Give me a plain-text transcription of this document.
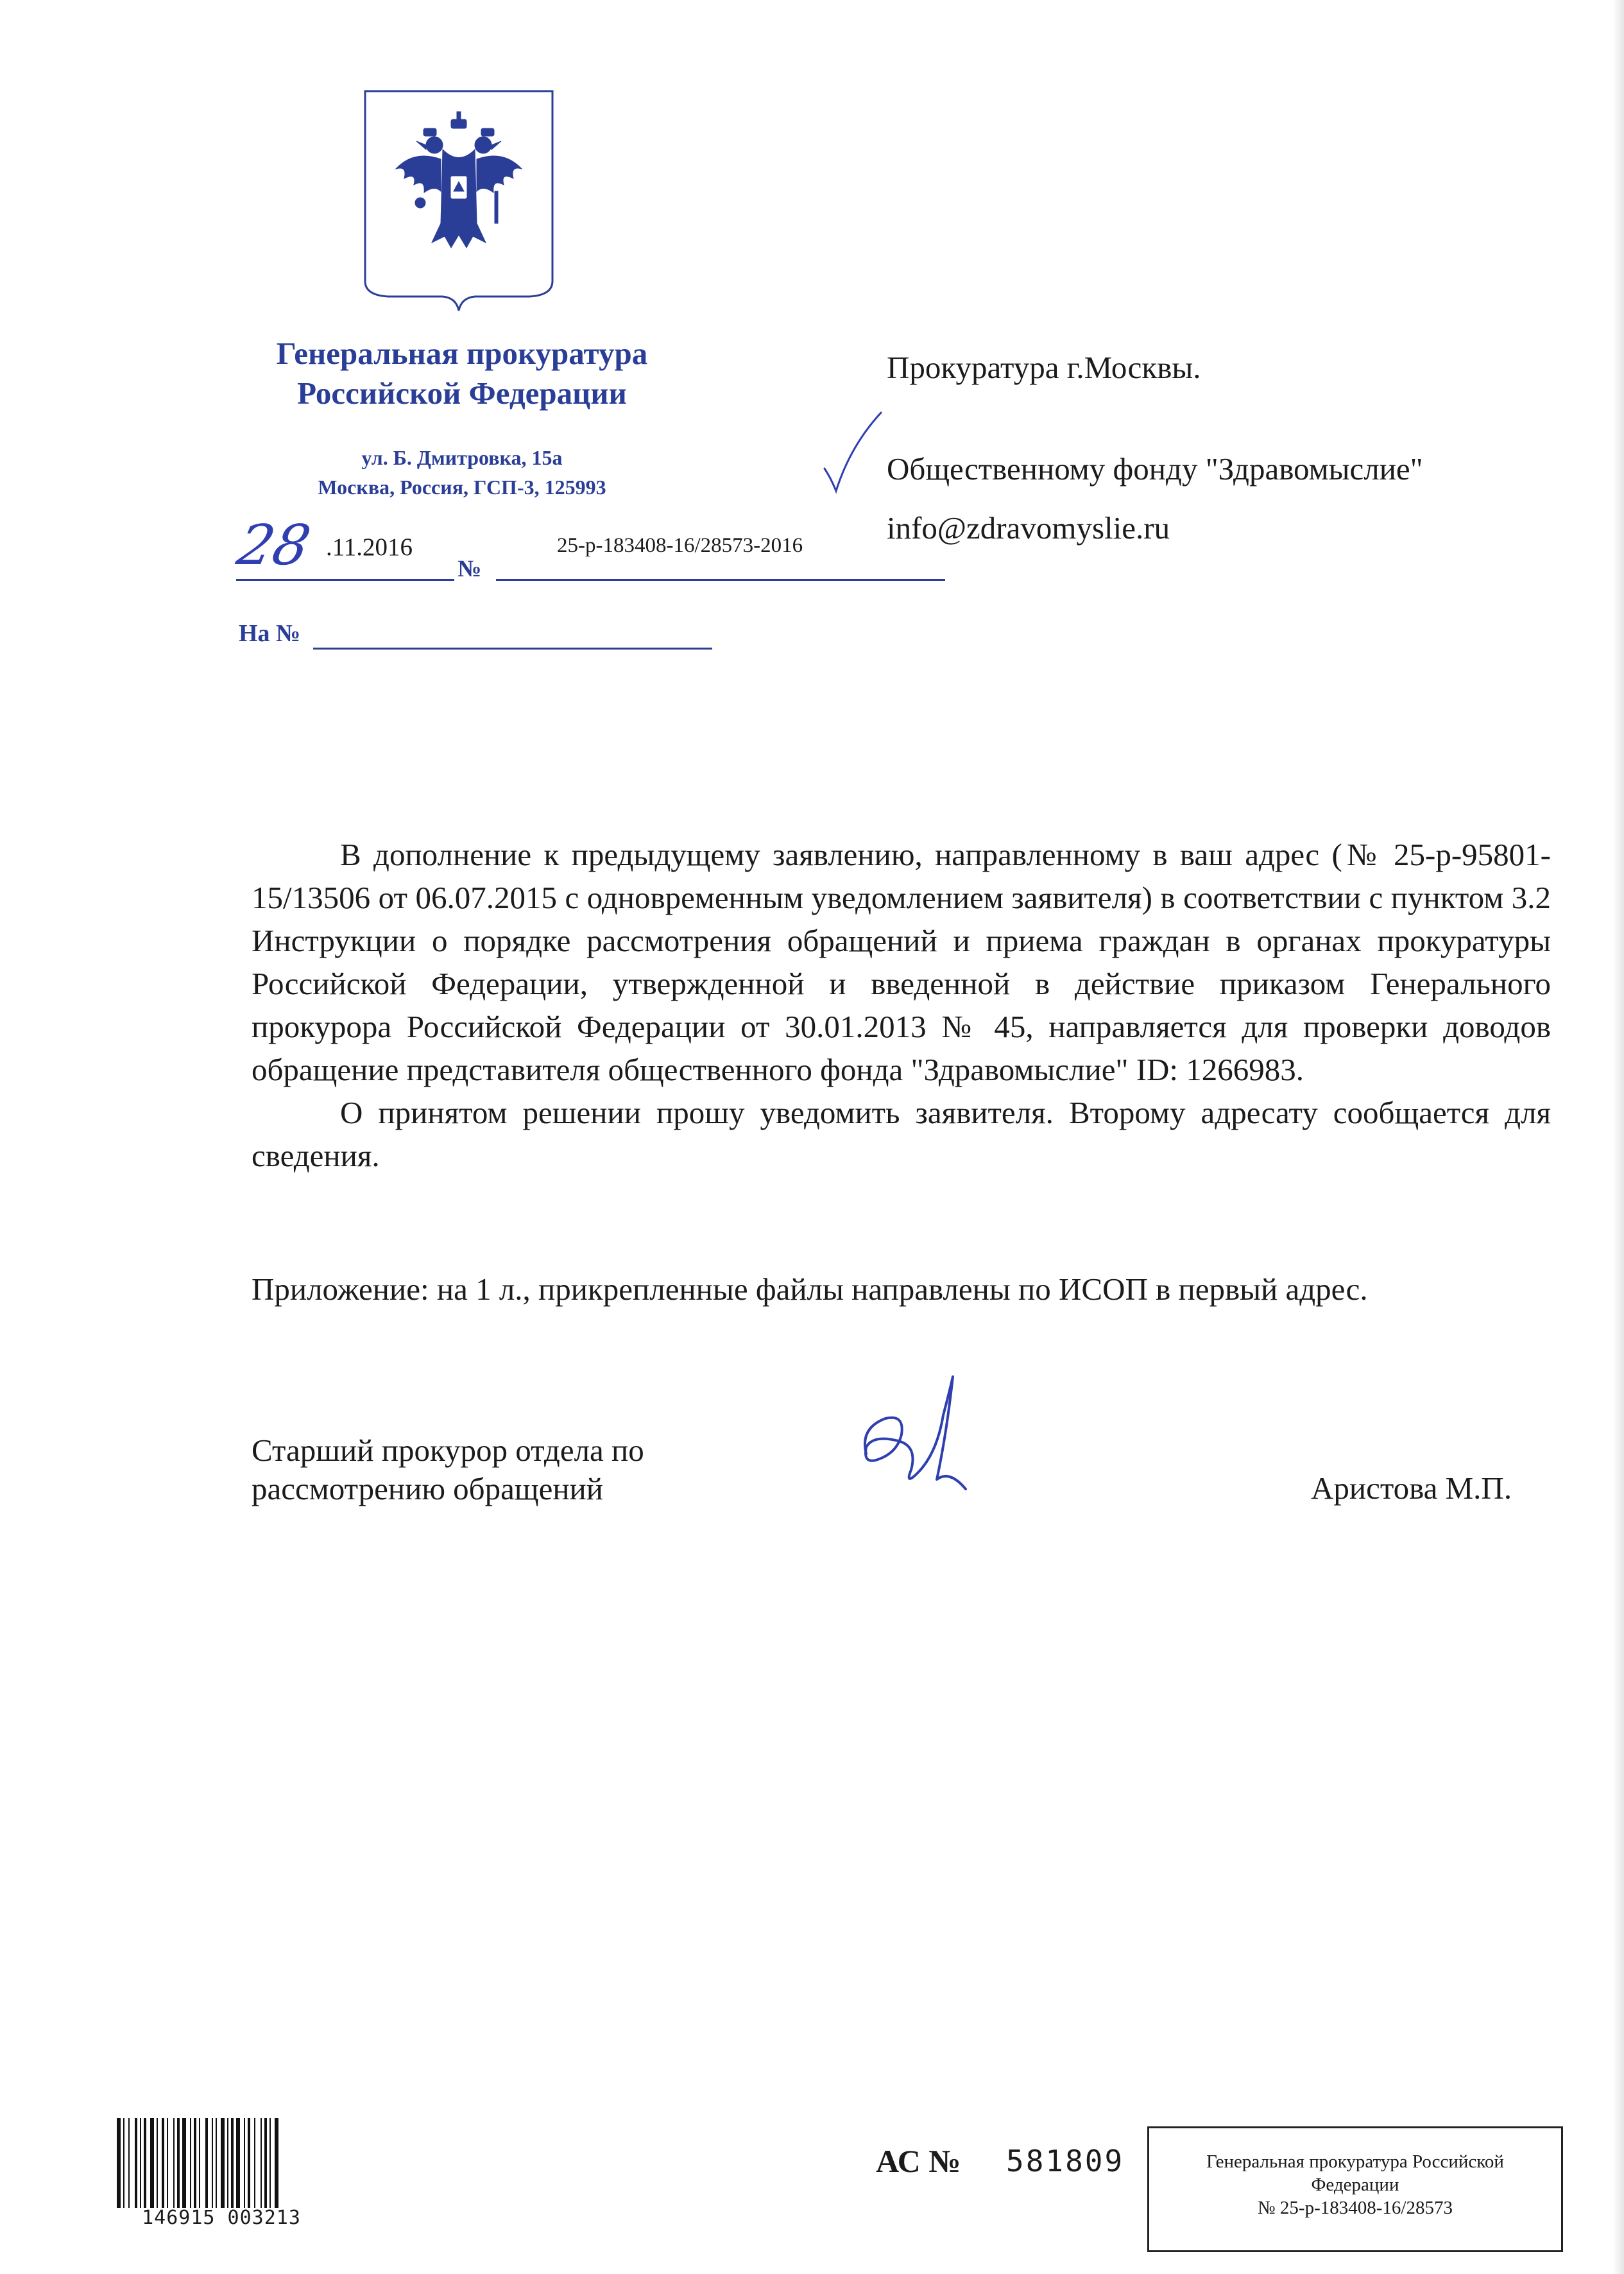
Генеральная прокуратура
Российской Федерации
ул. Б. Дмитровка, 15а
Москва, Россия, ГСП-3, 125993
28 .11.2016
№
25-р-183408-16/28573-2016
На №
Прокуратура г.Москвы.
Общественному фонду "Здравомыслие"
info@zdravomyslie.ru

В дополнение к предыдущему заявлению, направленному в ваш адрес (№ 25-р-95801-15/13506 от 06.07.2015 с одновременным уведомлением заявителя) в соответствии с пунктом 3.2 Инструкции о порядке рассмотрения обращений и приема граждан в органах прокуратуры Российской Федерации, утвержденной и введенной в действие приказом Генерального прокурора Российской Федерации от 30.01.2013 № 45, направляется для проверки доводов обращение представителя общественного фонда "Здравомыслие" ID: 1266983.

О принятом решении прошу уведомить заявителя. Второму адресату сообщается для сведения.

Приложение: на 1 л., прикрепленные файлы направлены по ИСОП в первый адрес.
Старший прокурор отдела по
рассмотрению обращений	Аристова М.П.
146915 003213
АС № 581809	Генеральная прокуратура Российской
Федерации
№ 25-р-183408-16/28573
